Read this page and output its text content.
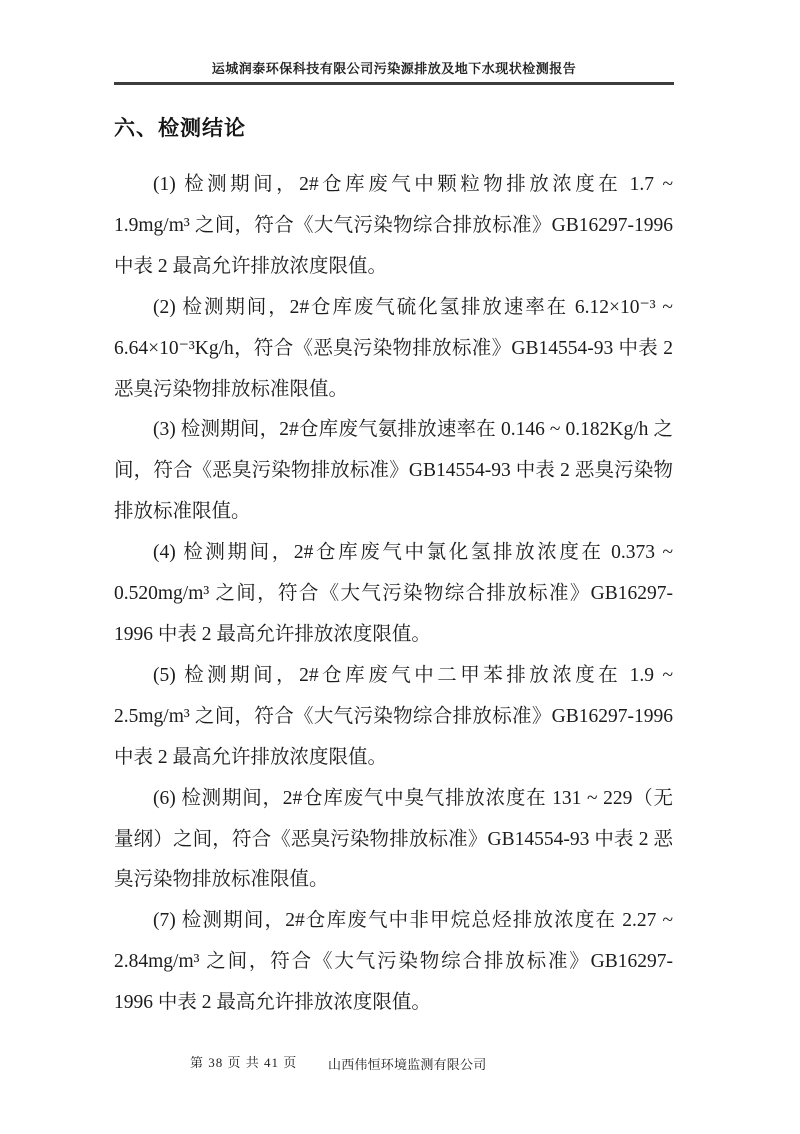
运城润泰环保科技有限公司污染源排放及地下水现状检测报告
六、检测结论

(1) 检测期间，2#仓库废气中颗粒物排放浓度在 1.7 ~ 1.9mg/m³ 之间，符合《大气污染物综合排放标准》GB16297-1996 中表 2 最高允许排放浓度限值。

(2) 检测期间，2#仓库废气硫化氢排放速率在 6.12×10⁻³ ~ 6.64×10⁻³Kg/h，符合《恶臭污染物排放标准》GB14554-93 中表 2 恶臭污染物排放标准限值。

(3) 检测期间，2#仓库废气氨排放速率在 0.146 ~ 0.182Kg/h 之间，符合《恶臭污染物排放标准》GB14554-93 中表 2 恶臭污染物排放标准限值。

(4) 检测期间，2#仓库废气中氯化氢排放浓度在 0.373 ~ 0.520mg/m³ 之间，符合《大气污染物综合排放标准》GB16297-1996 中表 2 最高允许排放浓度限值。

(5) 检测期间，2#仓库废气中二甲苯排放浓度在 1.9 ~ 2.5mg/m³ 之间，符合《大气污染物综合排放标准》GB16297-1996 中表 2 最高允许排放浓度限值。

(6) 检测期间，2#仓库废气中臭气排放浓度在 131 ~ 229（无量纲）之间，符合《恶臭污染物排放标准》GB14554-93 中表 2 恶臭污染物排放标准限值。

(7) 检测期间，2#仓库废气中非甲烷总烃排放浓度在 2.27 ~ 2.84mg/m³ 之间，符合《大气污染物综合排放标准》GB16297-1996 中表 2 最高允许排放浓度限值。

第 38 页 共 41 页 山西伟恒环境监测有限公司
